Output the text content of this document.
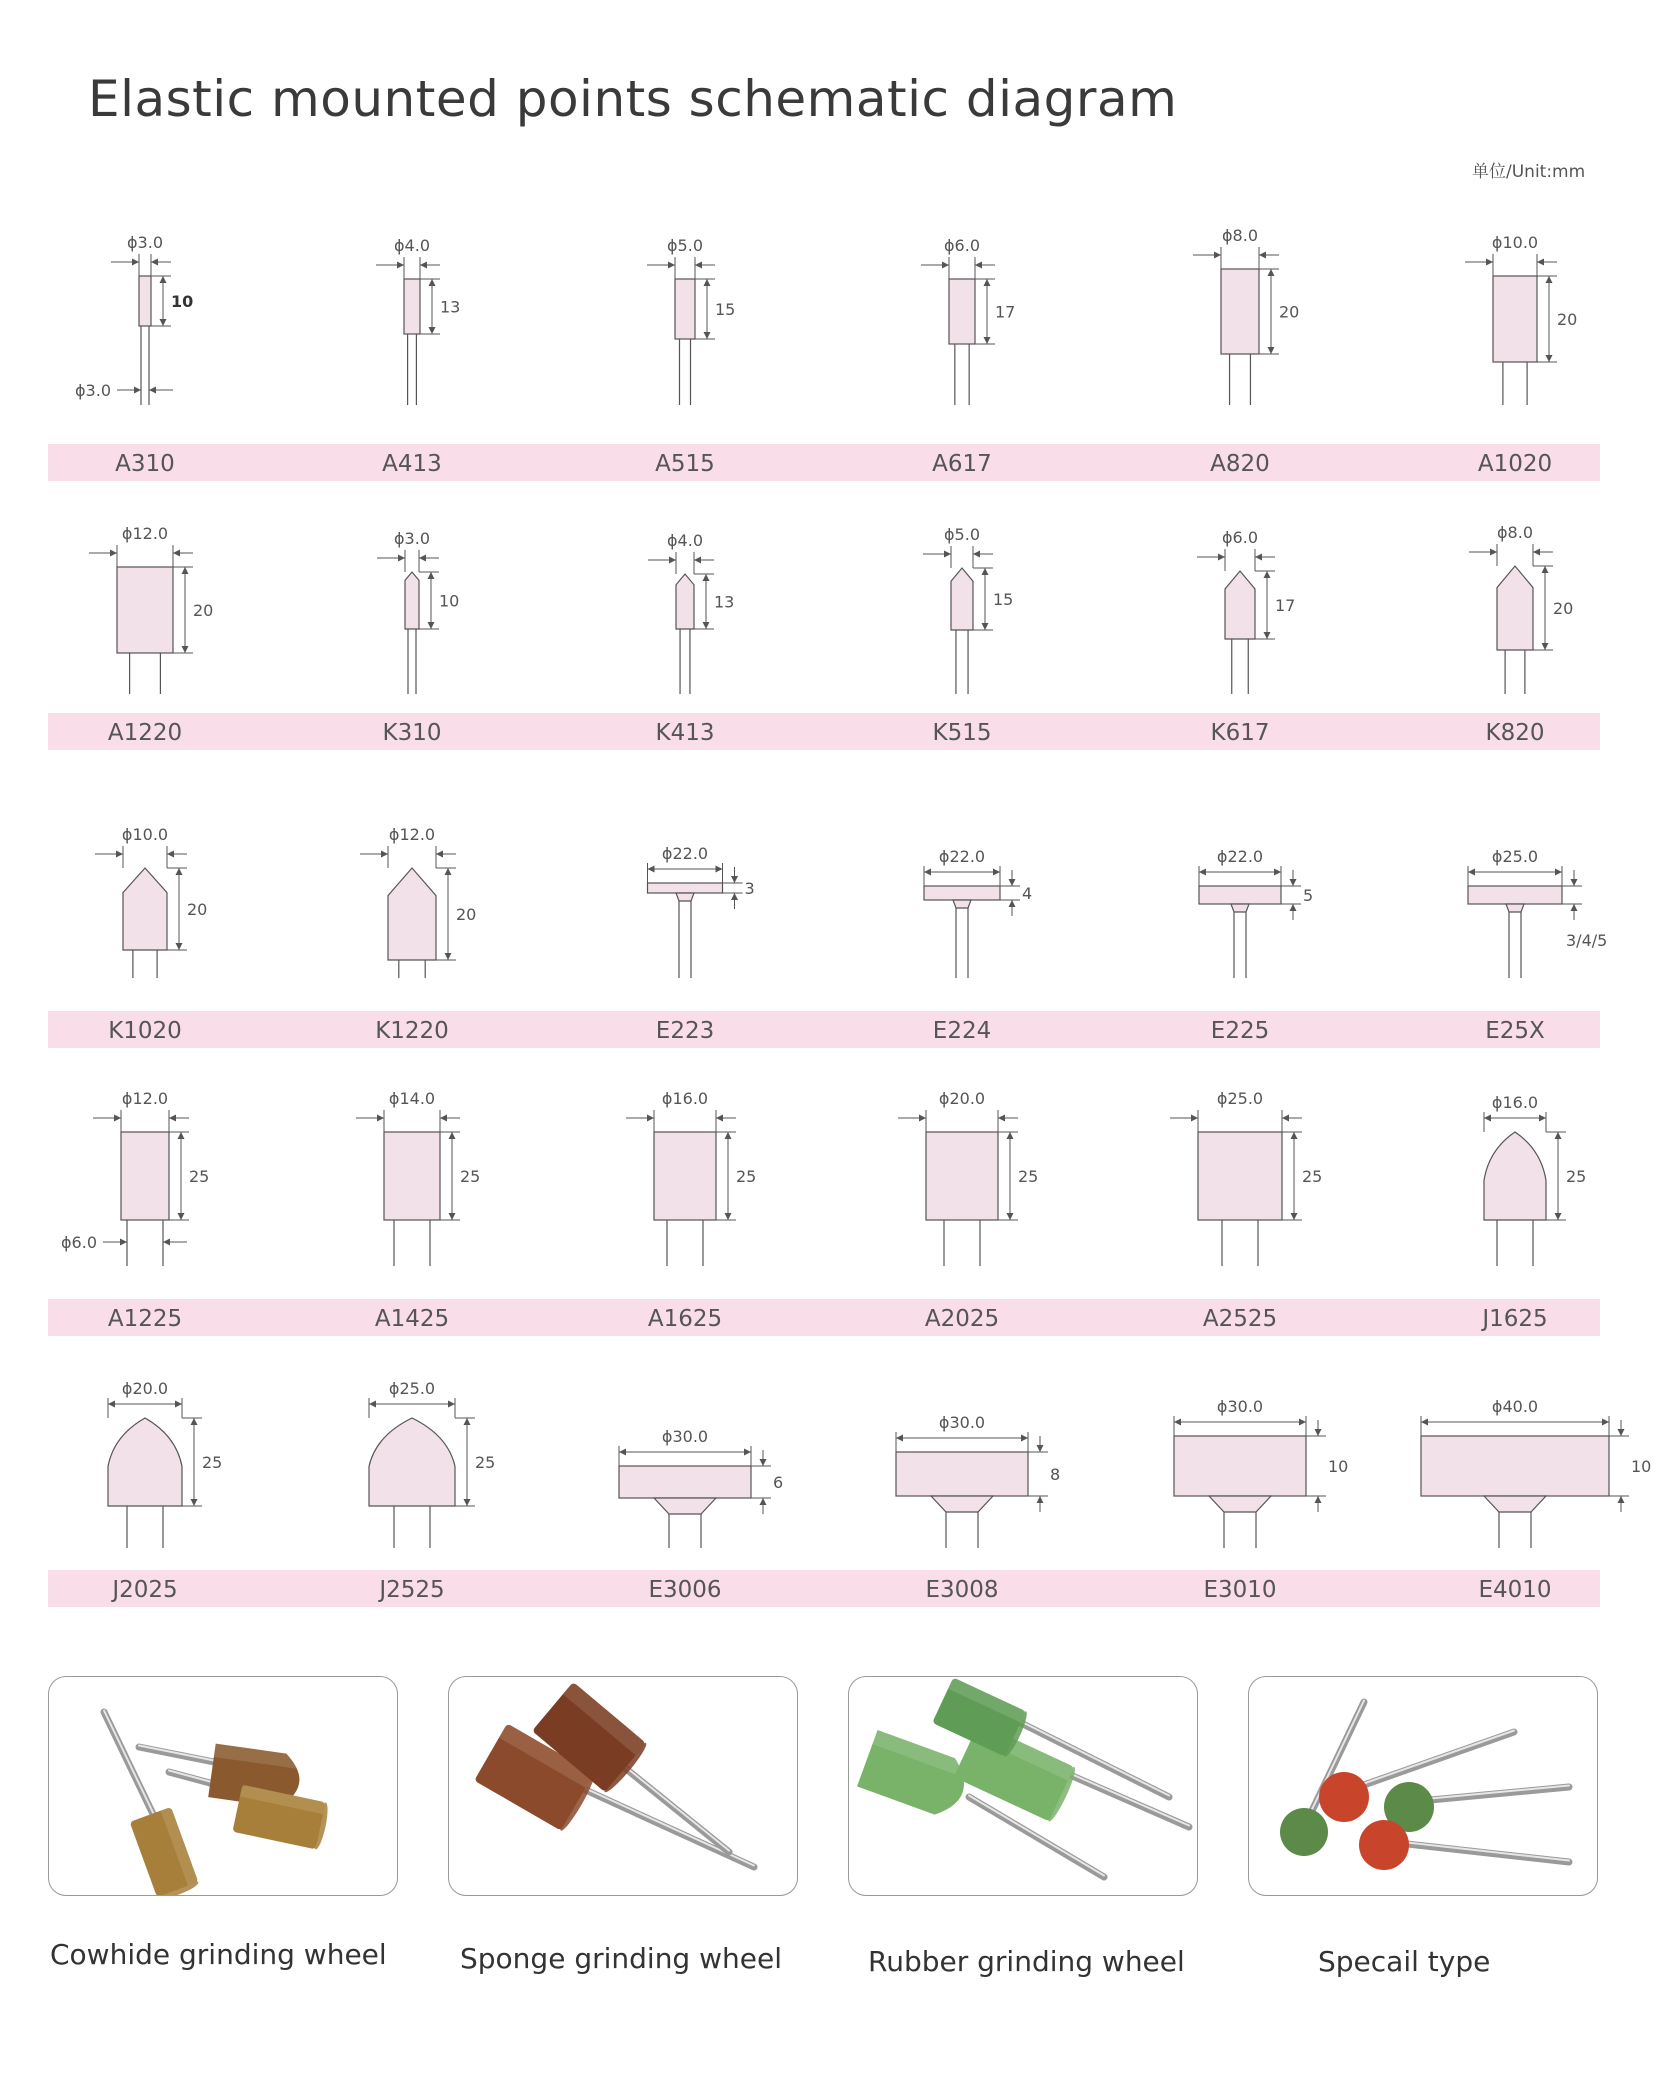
Elastic mounted points schematic diagram
单位/Unit:mm
ϕ3.0
10
ϕ3.0
A310
ϕ4.0
13
A413
ϕ5.0
15
A515
ϕ6.0
17
A617
ϕ8.0
20
A820
ϕ10.0
20
A1020
ϕ12.0
20
A1220
ϕ3.0
10
K310
ϕ4.0
13
K413
ϕ5.0
15
K515
ϕ6.0
17
K617
ϕ8.0
20
K820
ϕ10.0
20
K1020
ϕ12.0
20
K1220
ϕ22.0
3
E223
ϕ22.0
4
E224
ϕ22.0
5
E225
ϕ25.0
3/4/5
E25X
ϕ12.0
25
ϕ6.0
A1225
ϕ14.0
25
A1425
ϕ16.0
25
A1625
ϕ20.0
25
A2025
ϕ25.0
25
A2525
ϕ16.0
25
J1625
ϕ20.0
25
J2025
ϕ25.0
25
J2525
ϕ30.0
6
E3006
ϕ30.0
8
E3008
ϕ30.0
10
E3010
ϕ40.0
10
E4010
Cowhide grinding wheel	Sponge grinding wheel	Rubber grinding wheel	Specail type
